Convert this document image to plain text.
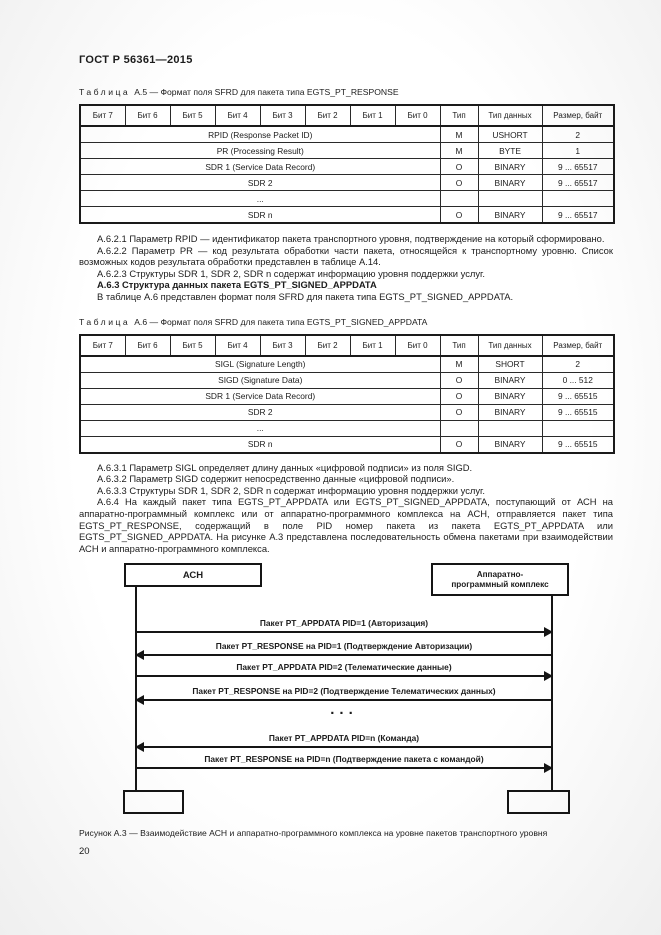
ГОСТ Р 56361—2015

Таблица А.5 — Формат поля SFRD для пакета типа EGTS_PT_RESPONSE

Бит 7	Бит 6	Бит 5	Бит 4	Бит 3	Бит 2	Бит 1	Бит 0	Тип	Тип данных	Размер, байт
RPID (Response Packet ID)								M	USHORT	2
PR (Processing Result)								M	BYTE	1
SDR 1 (Service Data Record)								O	BINARY	9 ... 65517
SDR 2								O	BINARY	9 ... 65517
...										
SDR n								O	BINARY	9 ... 65517

А.6.2.1 Параметр RPID — идентификатор пакета транспортного уровня, подтверждение на который сформировано.

А.6.2.2 Параметр PR — код результата обработки части пакета, относящейся к транспортному уровню. Список возможных кодов результата обработки представлен в таблице А.14.

А.6.2.3 Структуры SDR 1, SDR 2, SDR n содержат информацию уровня поддержки услуг.

А.6.3 Структура данных пакета EGTS_PT_SIGNED_APPDATA

В таблице А.6 представлен формат поля SFRD для пакета типа EGTS_PT_SIGNED_APPDATA.

Таблица А.6 — Формат поля SFRD для пакета типа EGTS_PT_SIGNED_APPDATA

Бит 7	Бит 6	Бит 5	Бит 4	Бит 3	Бит 2	Бит 1	Бит 0	Тип	Тип данных	Размер, байт
SIGL (Signature Length)								M	SHORT	2
SIGD (Signature Data)								O	BINARY	0 ... 512
SDR 1 (Service Data Record)								O	BINARY	9 ... 65515
SDR 2								O	BINARY	9 ... 65515
...										
SDR n								O	BINARY	9 ... 65515

А.6.3.1 Параметр SIGL определяет длину данных «цифровой подписи» из поля SIGD.

А.6.3.2 Параметр SIGD содержит непосредственно данные «цифровой подписи».

А.6.3.3 Структуры SDR 1, SDR 2, SDR n содержат информацию уровня поддержки услуг.

А.6.4 На каждый пакет типа EGTS_PT_APPDATA или EGTS_PT_SIGNED_APPDATA, поступающий от АСН на аппаратно-программный комплекс или от аппаратно-программного комплекса на АСН, отправляется пакет типа EGTS_PT_RESPONSE, содержащий в поле PID номер пакета из пакета EGTS_PT_APPDATA или EGTS_PT_SIGNED_APPDATA. На рисунке А.3 представлена последовательность обмена пакетами при взаимодействии АСН и аппаратно-программного комплекса.

АСН	Аппаратно-программный комплекс
Пакет PT_APPDATA PID=1 (Авторизация)
Пакет PT_RESPONSE на PID=1 (Подтверждение Авторизации)
Пакет PT_APPDATA PID=2 (Телематические данные)
Пакет PT_RESPONSE на PID=2 (Подтверждение Телематических данных)
...
Пакет PT_APPDATA PID=n (Команда)
Пакет PT_RESPONSE на PID=n (Подтверждение пакета с командой)

Рисунок А.3 — Взаимодействие АСН и аппаратно-программного комплекса на уровне пакетов транспортного уровня

20
